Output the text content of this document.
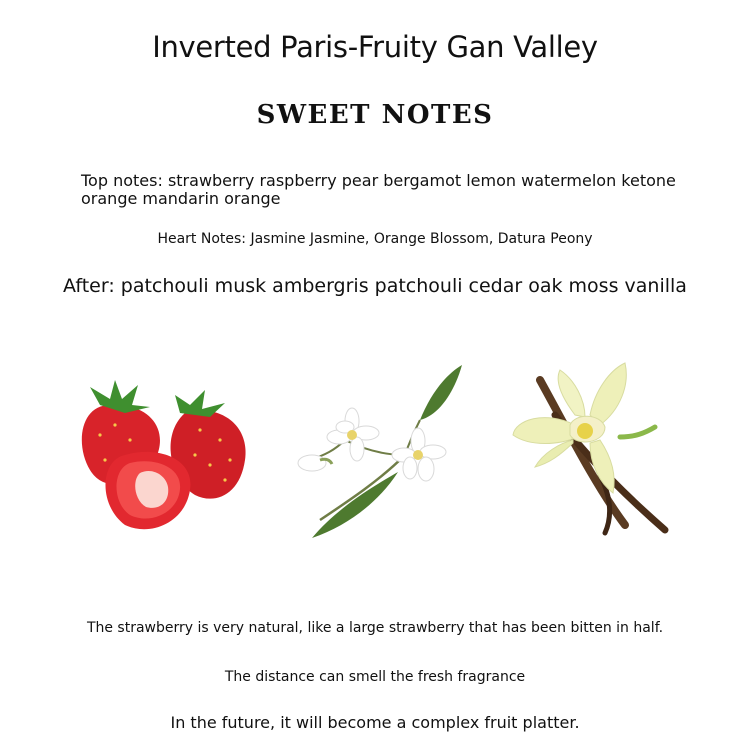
Inverted Paris-Fruity Gan Valley
SWEET NOTES
Top notes: strawberry raspberry pear bergamot lemon watermelon ketone orange mandarin orange
Heart Notes: Jasmine Jasmine, Orange Blossom, Datura Peony
After: patchouli musk ambergris patchouli cedar oak moss vanilla
The strawberry is very natural, like a large strawberry that has been bitten in half.
The distance can smell the fresh fragrance
In the future, it will become a complex fruit platter.
